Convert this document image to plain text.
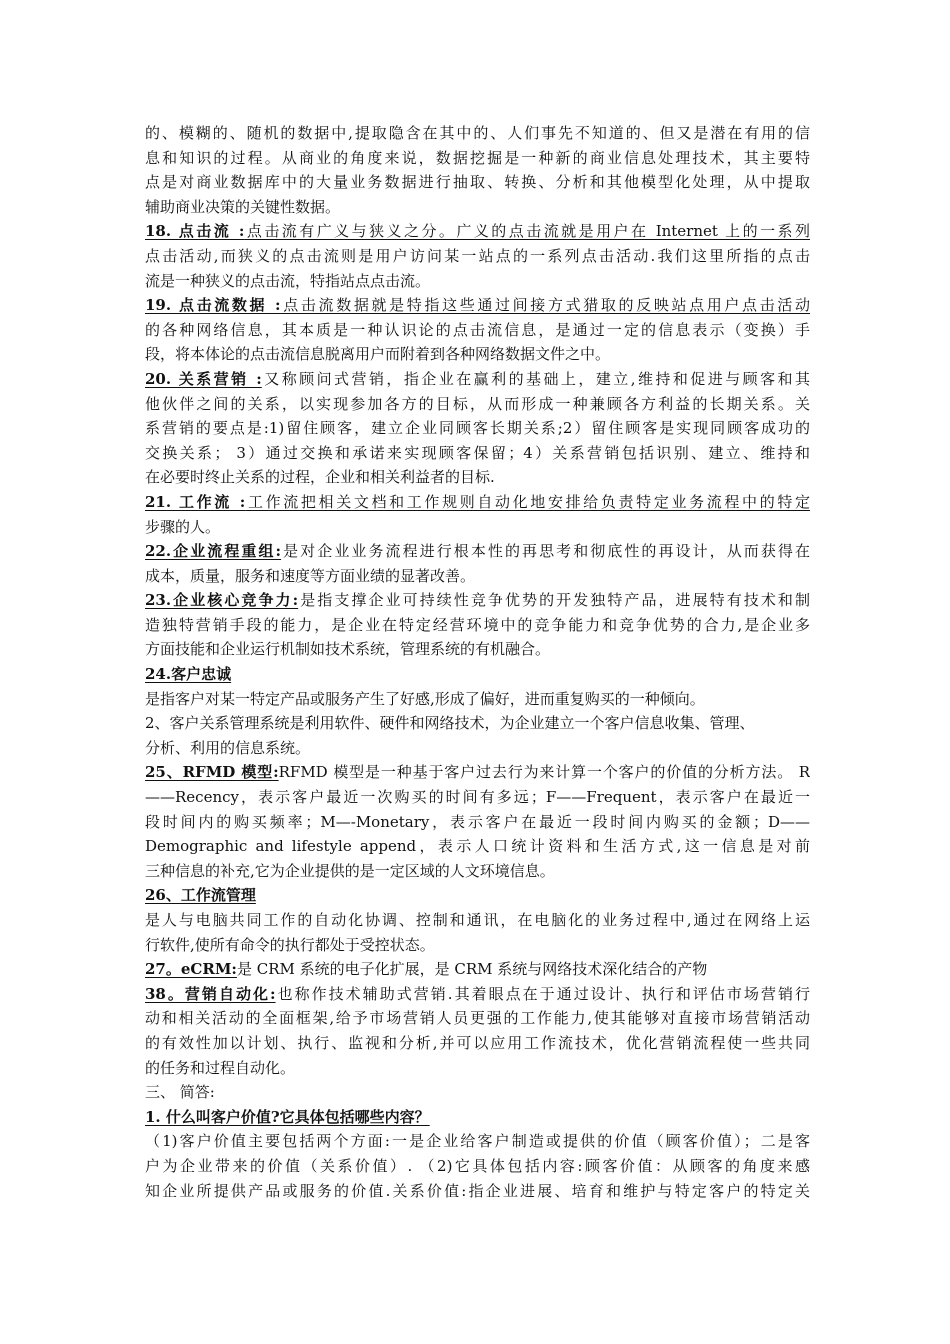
的、模糊的、随机的数据中,提取隐含在其中的、人们事先不知道的、但又是潜在有用的信
息和知识的过程。从商业的角度来说，数据挖掘是一种新的商业信息处理技术，其主要特
点是对商业数据库中的大量业务数据进行抽取、转换、分析和其他模型化处理，从中提取
辅助商业决策的关键性数据。
18. 点击流 :点击流有广义与狭义之分。广义的点击流就是用户在 Internet 上的一系列
点击活动,而狭义的点击流则是用户访问某一站点的一系列点击活动.我们这里所指的点击
流是一种狭义的点击流，特指站点点击流。
19. 点击流数据 :点击流数据就是特指这些通过间接方式猎取的反映站点用户点击活动
的各种网络信息，其本质是一种认识论的点击流信息，是通过一定的信息表示（变换）手
段，将本体论的点击流信息脱离用户而附着到各种网络数据文件之中。
20. 关系营销 :又称顾问式营销，指企业在赢利的基础上，建立,维持和促进与顾客和其
他伙伴之间的关系，以实现参加各方的目标，从而形成一种兼顾各方利益的长期关系。关
系营销的要点是:1)留住顾客，建立企业同顾客长期关系;2）留住顾客是实现同顾客成功的
交换关系； 3）通过交换和承诺来实现顾客保留；4）关系营销包括识别、建立、维持和
在必要时终止关系的过程，企业和相关利益者的目标.
21. 工作流 :工作流把相关文档和工作规则自动化地安排给负责特定业务流程中的特定
步骤的人。
22.企业流程重组:是对企业业务流程进行根本性的再思考和彻底性的再设计，从而获得在
成本，质量，服务和速度等方面业绩的显著改善。
23.企业核心竞争力:是指支撑企业可持续性竞争优势的开发独特产品，进展特有技术和制
造独特营销手段的能力，是企业在特定经营环境中的竞争能力和竞争优势的合力,是企业多
方面技能和企业运行机制如技术系统，管理系统的有机融合。
24.客户忠诚
是指客户对某一特定产品或服务产生了好感,形成了偏好，进而重复购买的一种倾向。
2、客户关系管理系统是利用软件、硬件和网络技术，为企业建立一个客户信息收集、管理、
分析、利用的信息系统。
25、RFMD 模型:RFMD 模型是一种基于客户过去行为来计算一个客户的价值的分析方法。 R
——Recency，表示客户最近一次购买的时间有多远；F——Frequent，表示客户在最近一
段时间内的购买频率；M—-Monetary，表示客户在最近一段时间内购买的金额；D——
Demographic and lifestyle append，表示人口统计资料和生活方式,这一信息是对前
三种信息的补充,它为企业提供的是一定区域的人文环境信息。
26、工作流管理
是人与电脑共同工作的自动化协调、控制和通讯，在电脑化的业务过程中,通过在网络上运
行软件,使所有命令的执行都处于受控状态。
27。eCRM:是 CRM 系统的电子化扩展，是 CRM 系统与网络技术深化结合的产物
38。营销自动化:也称作技术辅助式营销.其着眼点在于通过设计、执行和评估市场营销行
动和相关活动的全面框架,给予市场营销人员更强的工作能力,使其能够对直接市场营销活动
的有效性加以计划、执行、监视和分析,并可以应用工作流技术，优化营销流程使一些共同
的任务和过程自动化。
三、 简答:
1. 什么叫客户价值?它具体包括哪些内容？
（1)客户价值主要包括两个方面:一是企业给客户制造或提供的价值（顾客价值）；二是客
户为企业带来的价值（关系价值）. （2)它具体包括内容:顾客价值：从顾客的角度来感
知企业所提供产品或服务的价值.关系价值:指企业进展、培育和维护与特定客户的特定关
